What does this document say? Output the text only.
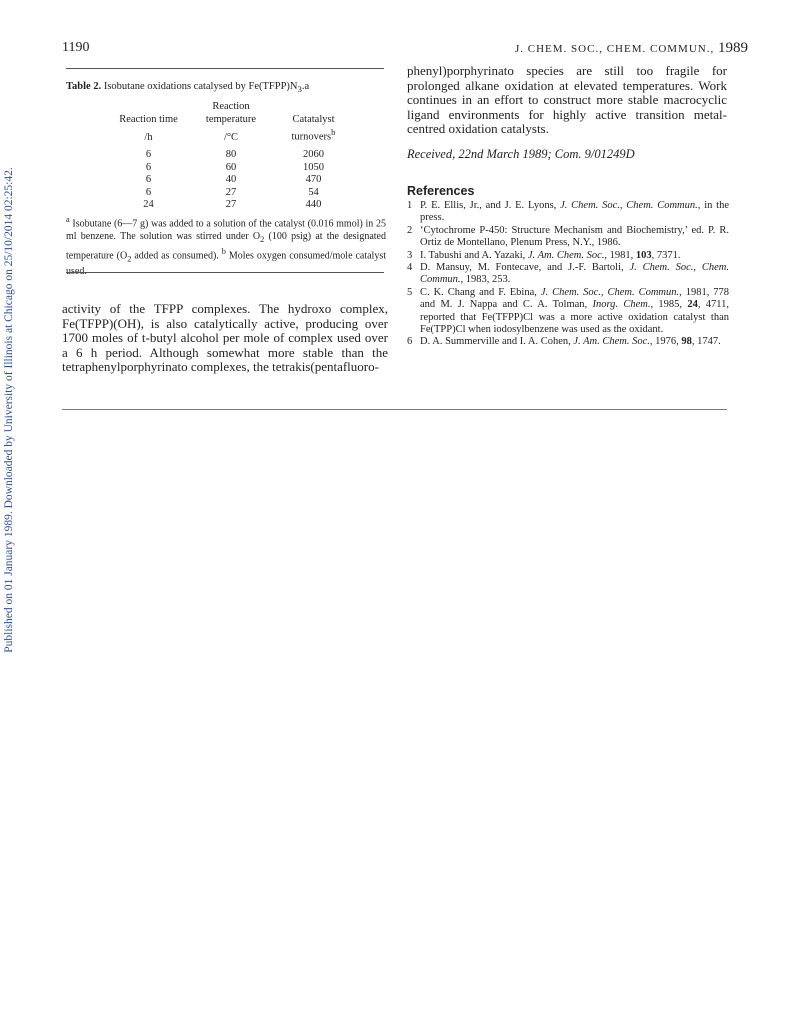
Published on 01 January 1989. Downloaded by University of Illinois at Chicago on 25/10/2014 02:25:42.
1190	J. CHEM. SOC., CHEM. COMMUN., 1989
Table 2. Isobutane oxidations catalysed by $Fe(TFPP)N_3.a$
	Reaction	
Reaction time	temperature	Catatalyst
/h	/°C	turnovers$^b$

6	80	2060
6	60	1050
6	40	470
6	27	54
24	27	440
$^a$ Isobutane (6—7 g) was added to a solution of the catalyst (0.016 mmol) in 25 ml benzene. The solution was stirred under $O_2$ (100 psig) at the designated temperature ($O_2$ added as consumed). $^b$ Moles oxygen consumed/mole catalyst
activity of the TFPP complexes. The hydroxo complex, Fe(TFPP)(OH), is also catalytically active, producing over 1700 moles of t-butyl alcohol per mole of complex used over a 6 h period. Although somewhat more stable than the tetraphenylporphyrinato complexes, the tetrakis(pentafluoro-
phenyl)porphyrinato species are still too fragile for prolonged alkane oxidation at elevated temperatures. Work continues in an effort to construct more stable macrocyclic ligand environments for highly active transition metal-centred oxidation catalysts.
Received, 22nd March 1989; Com. 9/01249D
References
1 P. E. Ellis, Jr., and J. E. Lyons, J. Chem. Soc., Chem. Commun., in the press.
2 ‘Cytochrome P-450: Structure Mechanism and Biochemistry,’ ed. P. R. Ortiz de Montellano, Plenum Press, N.Y., 1986.
3 I. Tabushi and A. Yazaki, J. Am. Chem. Soc., 1981, 103, 7371.
4 D. Mansuy, M. Fontecave, and J.-F. Bartoli, J. Chem. Soc., Chem. Commun., 1983, 253.
5 C. K. Chang and F. Ebina, J. Chem. Soc., Chem. Commun., 1981, 778 and M. J. Nappa and C. A. Tolman, Inorg. Chem., 1985, 24, 4711, reported that Fe(TFPP)Cl was a more active oxidation catalyst than Fe(TPP)Cl when iodosylbenzene was used as the oxidant.
6 D. A. Summerville and I. A. Cohen, J. Am. Chem. Soc., 1976, 98, 1747.
